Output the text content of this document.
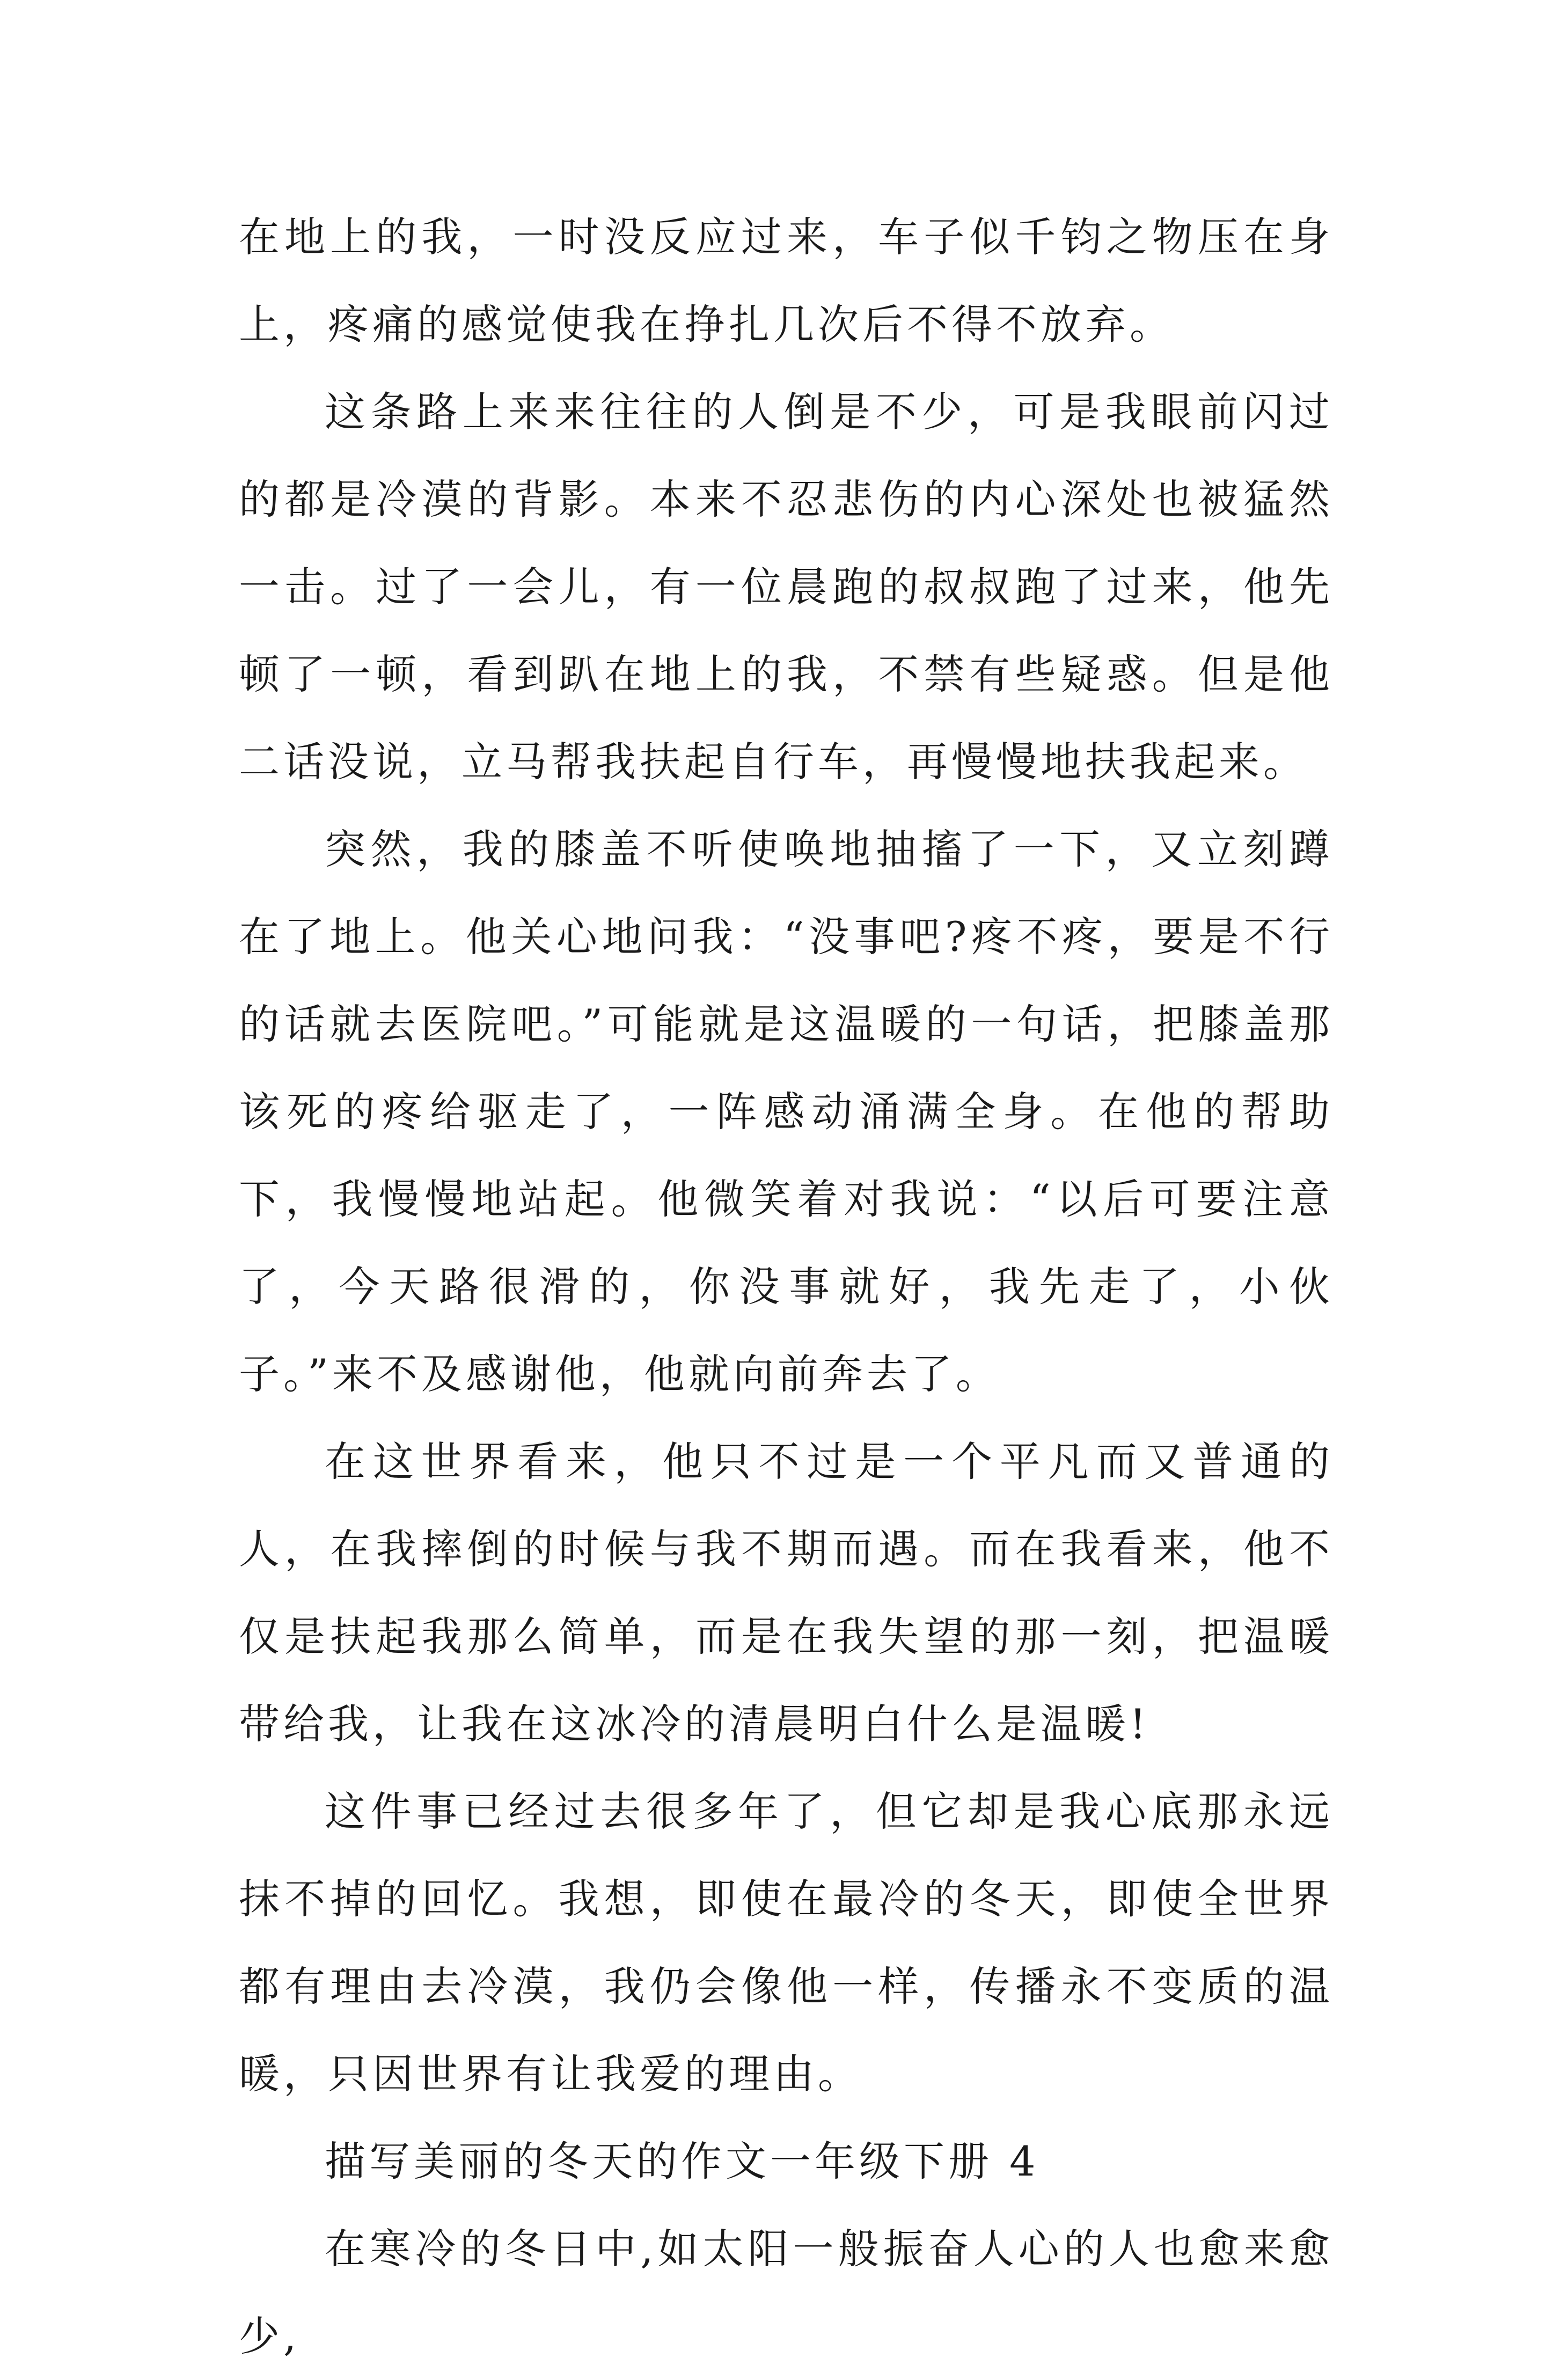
在地上的我，一时没反应过来，车子似千钧之物压在身上，疼痛的感觉使我在挣扎几次后不得不放弃。

这条路上来来往往的人倒是不少，可是我眼前闪过的都是冷漠的背影。本来不忍悲伤的内心深处也被猛然一击。过了一会儿，有一位晨跑的叔叔跑了过来，他先顿了一顿，看到趴在地上的我，不禁有些疑惑。但是他二话没说，立马帮我扶起自行车，再慢慢地扶我起来。

突然，我的膝盖不听使唤地抽搐了一下，又立刻蹲在了地上。他关心地问我：“没事吧?疼不疼，要是不行的话就去医院吧。”可能就是这温暖的一句话，把膝盖那该死的疼给驱走了，一阵感动涌满全身。在他的帮助下，我慢慢地站起。他微笑着对我说：“以后可要注意了，今天路很滑的，你没事就好，我先走了，小伙子。”来不及感谢他，他就向前奔去了。

在这世界看来，他只不过是一个平凡而又普通的人，在我摔倒的时候与我不期而遇。而在我看来，他不仅是扶起我那么简单，而是在我失望的那一刻，把温暖带给我，让我在这冰冷的清晨明白什么是温暖!

这件事已经过去很多年了，但它却是我心底那永远抹不掉的回忆。我想，即使在最冷的冬天，即使全世界都有理由去冷漠，我仍会像他一样，传播永不变质的温暖，只因世界有让我爱的理由。

描写美丽的冬天的作文一年级下册 4

在寒冷的冬日中,如太阳一般振奋人心的人也愈来愈少,
